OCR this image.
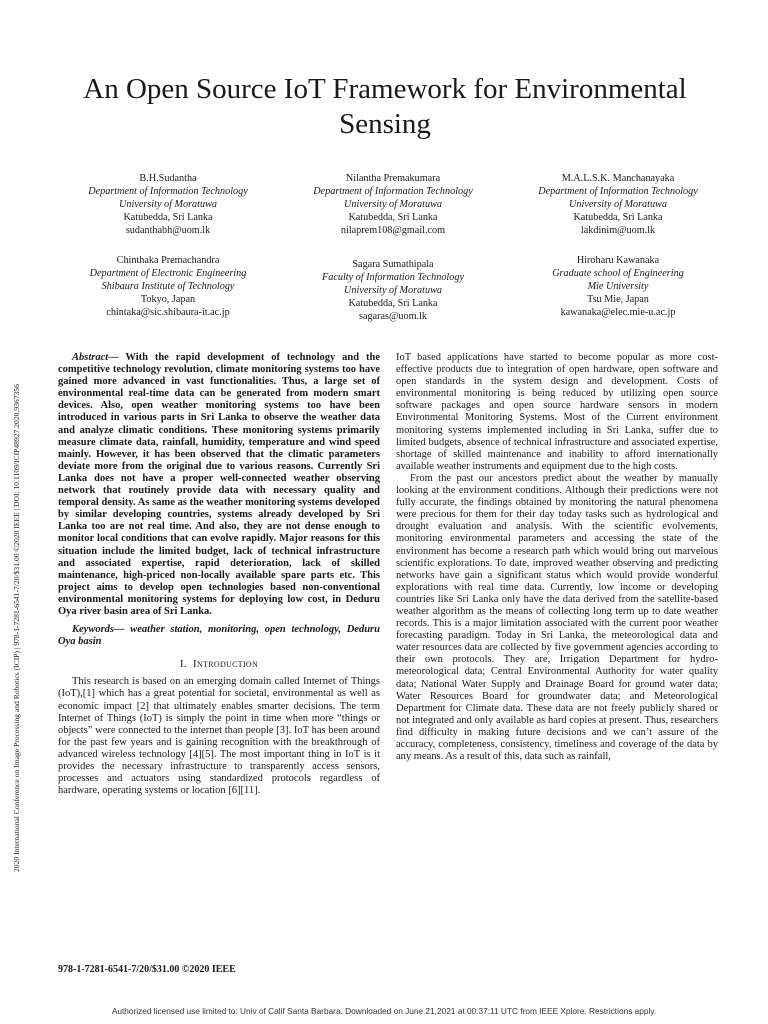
2020 International Conference on Image Processing and Robotics (ICIP) | 978-1-7281-6541-7/20/$31.00 ©2020 IEEE | DOI: 10.1109/ICIP48927.2020.9367356
An Open Source IoT Framework for Environmental Sensing
B.H.Sudantha
Department of Information Technology
University of Moratuwa
Katubedda, Sri Lanka
sudanthabh@uom.lk
Nilantha Premakumara
Department of Information Technology
University of Moratuwa
Katubedda, Sri Lanka
nilaprem108@gmail.com
M.A.L.S.K. Manchanayaka
Department of Information Technology
University of Moratuwa
Katubedda, Sri Lanka
lakdinim@uom.lk
Chinthaka Premachandra
Department of Electronic Engineering
Shibaura Institute of Technology
Tokyo, Japan
chintaka@sic.shibaura-it.ac.jp
Sagara Sumathipala
Faculty of Information Technology
University of Moratuwa
Katubedda, Sri Lanka
sagaras@uom.lk
Hiroharu Kawanaka
Graduate school of Engineering
Mie University
Tsu Mie, Japan
kawanaka@elec.mie-u.ac.jp

Abstract— With the rapid development of technology and the competitive technology revolution, climate monitoring systems too have gained more advanced in vast functionalities. Thus, a large set of environmental real-time data can be generated from modern smart devices. Also, open weather monitoring systems too have been introduced in various parts in Sri Lanka to observe the weather data and analyze climatic conditions. These monitoring systems primarily measure climate data, rainfall, humidity, temperature and wind speed mainly. However, it has been observed that the climatic parameters deviate more from the original due to various reasons. Currently Sri Lanka does not have a proper well-connected weather observing network that routinely provide data with necessary quality and temporal density. As same as the weather monitoring systems developed by similar developing countries, systems already developed by Sri Lanka too are not real time. And also, they are not dense enough to monitor local conditions that can evolve rapidly. Major reasons for this situation include the limited budget, lack of technical infrastructure and associated expertise, rapid deterioration, lack of skilled maintenance, high-priced non-locally available spare parts etc. This project aims to develop open technologies based non-conventional environmental monitoring systems for deploying low cost, in Deduru Oya river basin area of Sri Lanka.

Keywords— weather station, monitoring, open technology, Deduru Oya basin

I. Introduction

This research is based on an emerging domain called Internet of Things (IoT),[1] which has a great potential for societal, environmental as well as economic impact [2] that ultimately enables smarter decisions. The term Internet of Things (IoT) is simply the point in time when more “things or objects” were connected to the internet than people [3]. IoT has been around for the past few years and is gaining recognition with the breakthrough of advanced wireless technology [4][5]. The most important thing in IoT is it provides the necessary infrastructure to transparently access sensors, processes and actuators using standardized protocols regardless of hardware, operating systems or location [6][11].

IoT based applications have started to become popular as more cost-effective products due to integration of open hardware, open software and open standards in the system design and development. Costs of environmental monitoring is being reduced by utilizing open source software packages and open source hardware sensors in modern Environmental Monitoring Systems. Most of the Current environment monitoring systems implemented including in Sri Lanka, suffer due to limited budgets, absence of technical infrastructure and associated expertise, shortage of skilled maintenance and inability to afford internationally available weather instruments and equipment due to the high costs.

From the past our ancestors predict about the weather by manually looking at the environment conditions. Although their predictions were not fully accurate, the findings obtained by monitoring the natural phenomena were precious for them for their day today tasks such as hydrological and drought evaluation and analysis. With the scientific evolvements, monitoring environmental parameters and accessing the state of the environment has become a research path which would bring out marvelous scientific explorations. To date, improved weather observing and predicting networks have gain a significant status which would provide wonderful explorations with real time data. Currently, low income or developing countries like Sri Lanka only have the data derived from the satellite-based weather algorithm as the means of collecting long term up to date weather records. This is a major limitation associated with the current poor weather forecasting paradigm. Today in Sri Lanka, the meteorological data and water resources data are collected by five government agencies according to their own protocols. They are, Irrigation Department for hydro-meteorological data; Central Environmental Authority for water quality data; National Water Supply and Drainage Board for ground water data; Water Resources Board for groundwater data; and Meteorological Department for Climate data. These data are not freely publicly shared or not integrated and only available as hard copies at present. Thus, researchers find difficulty in making future decisions and we can’t assure of the accuracy, completeness, consistency, timeliness and coverage of the data by any means. As a result of this, data such as rainfall,

978-1-7281-6541-7/20/$31.00 ©2020 IEEE
Authorized licensed use limited to: Univ of Calif Santa Barbara. Downloaded on June 21,2021 at 00:37:11 UTC from IEEE Xplore. Restrictions apply.
